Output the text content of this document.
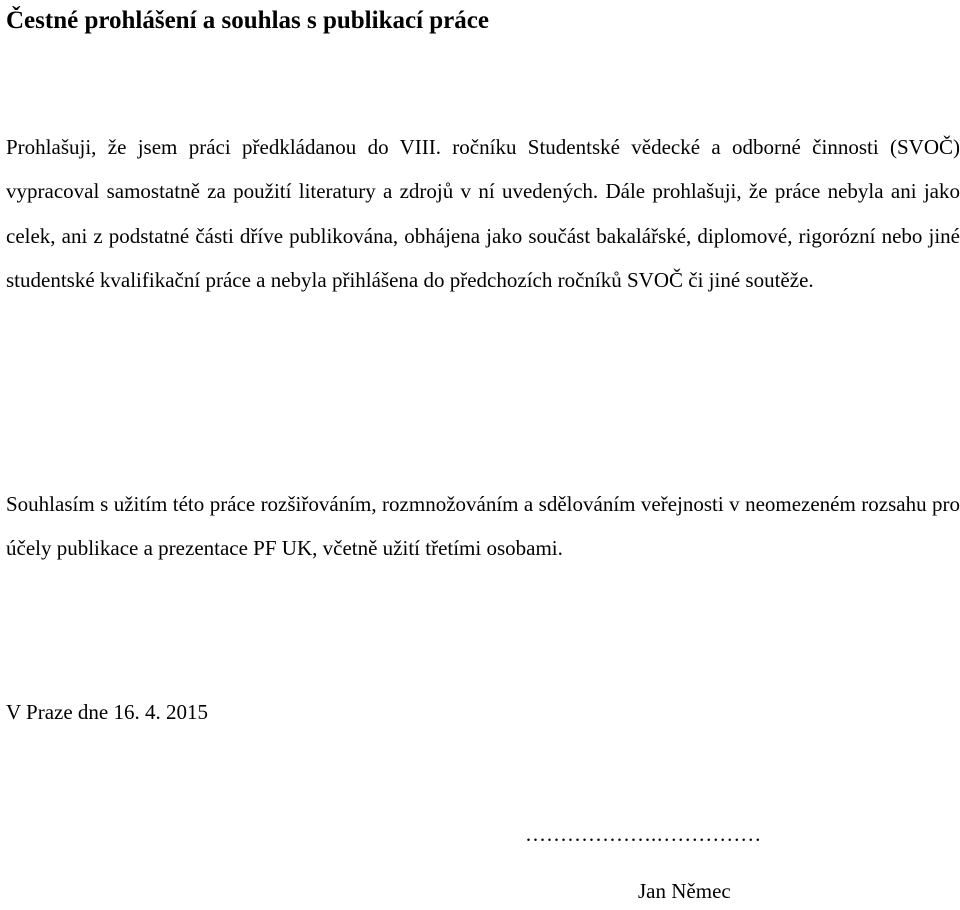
Čestné prohlášení a souhlas s publikací práce

Prohlašuji, že jsem práci předkládanou do VIII. ročníku Studentské vědecké a odborné činnosti (SVOČ) vypracoval samostatně za použití literatury a zdrojů v ní uvedených. Dále prohlašuji, že práce nebyla ani jako celek, ani z podstatné části dříve publikována, obhájena jako součást bakalářské, diplomové, rigorózní nebo jiné studentské kvalifikační práce a nebyla přihlášena do předchozích ročníků SVOČ či jiné soutěže.

Souhlasím s užitím této práce rozšiřováním, rozmnožováním a sdělováním veřejnosti v neomezeném rozsahu pro účely publikace a prezentace PF UK, včetně užití třetími osobami.

V Praze dne 16. 4. 2015

……………….……………

Jan Němec
